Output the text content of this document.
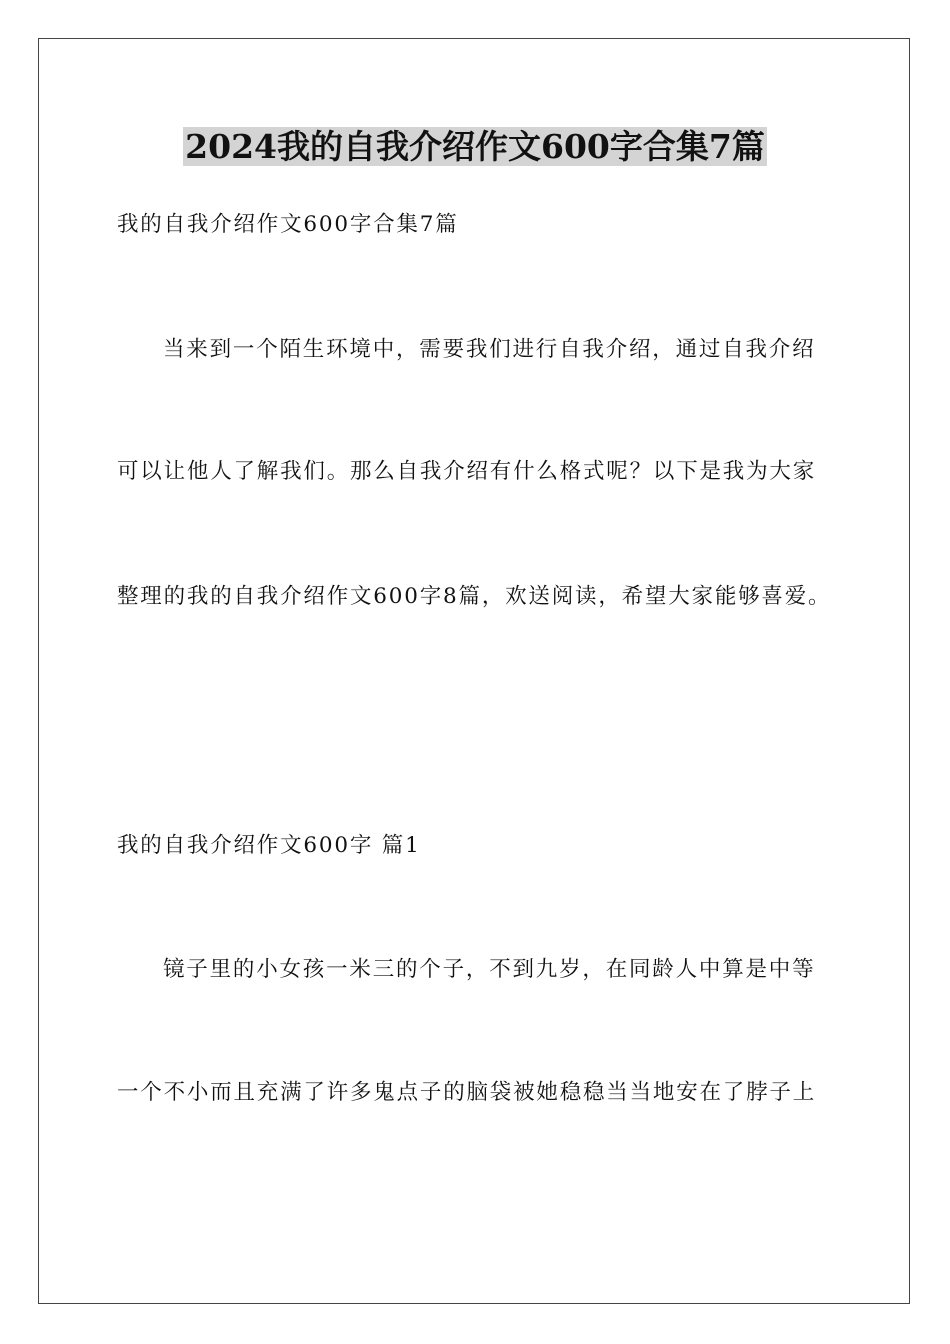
2024我的自我介绍作文600字合集7篇
我的自我介绍作文600字合集7篇
当来到一个陌生环境中，需要我们进行自我介绍，通过自我介绍
可以让他人了解我们。那么自我介绍有什么格式呢？以下是我为大家
整理的我的自我介绍作文600字8篇，欢送阅读，希望大家能够喜爱。
我的自我介绍作文600字 篇1
镜子里的小女孩一米三的个子，不到九岁，在同龄人中算是中等
一个不小而且充满了许多鬼点子的脑袋被她稳稳当当地安在了脖子上
